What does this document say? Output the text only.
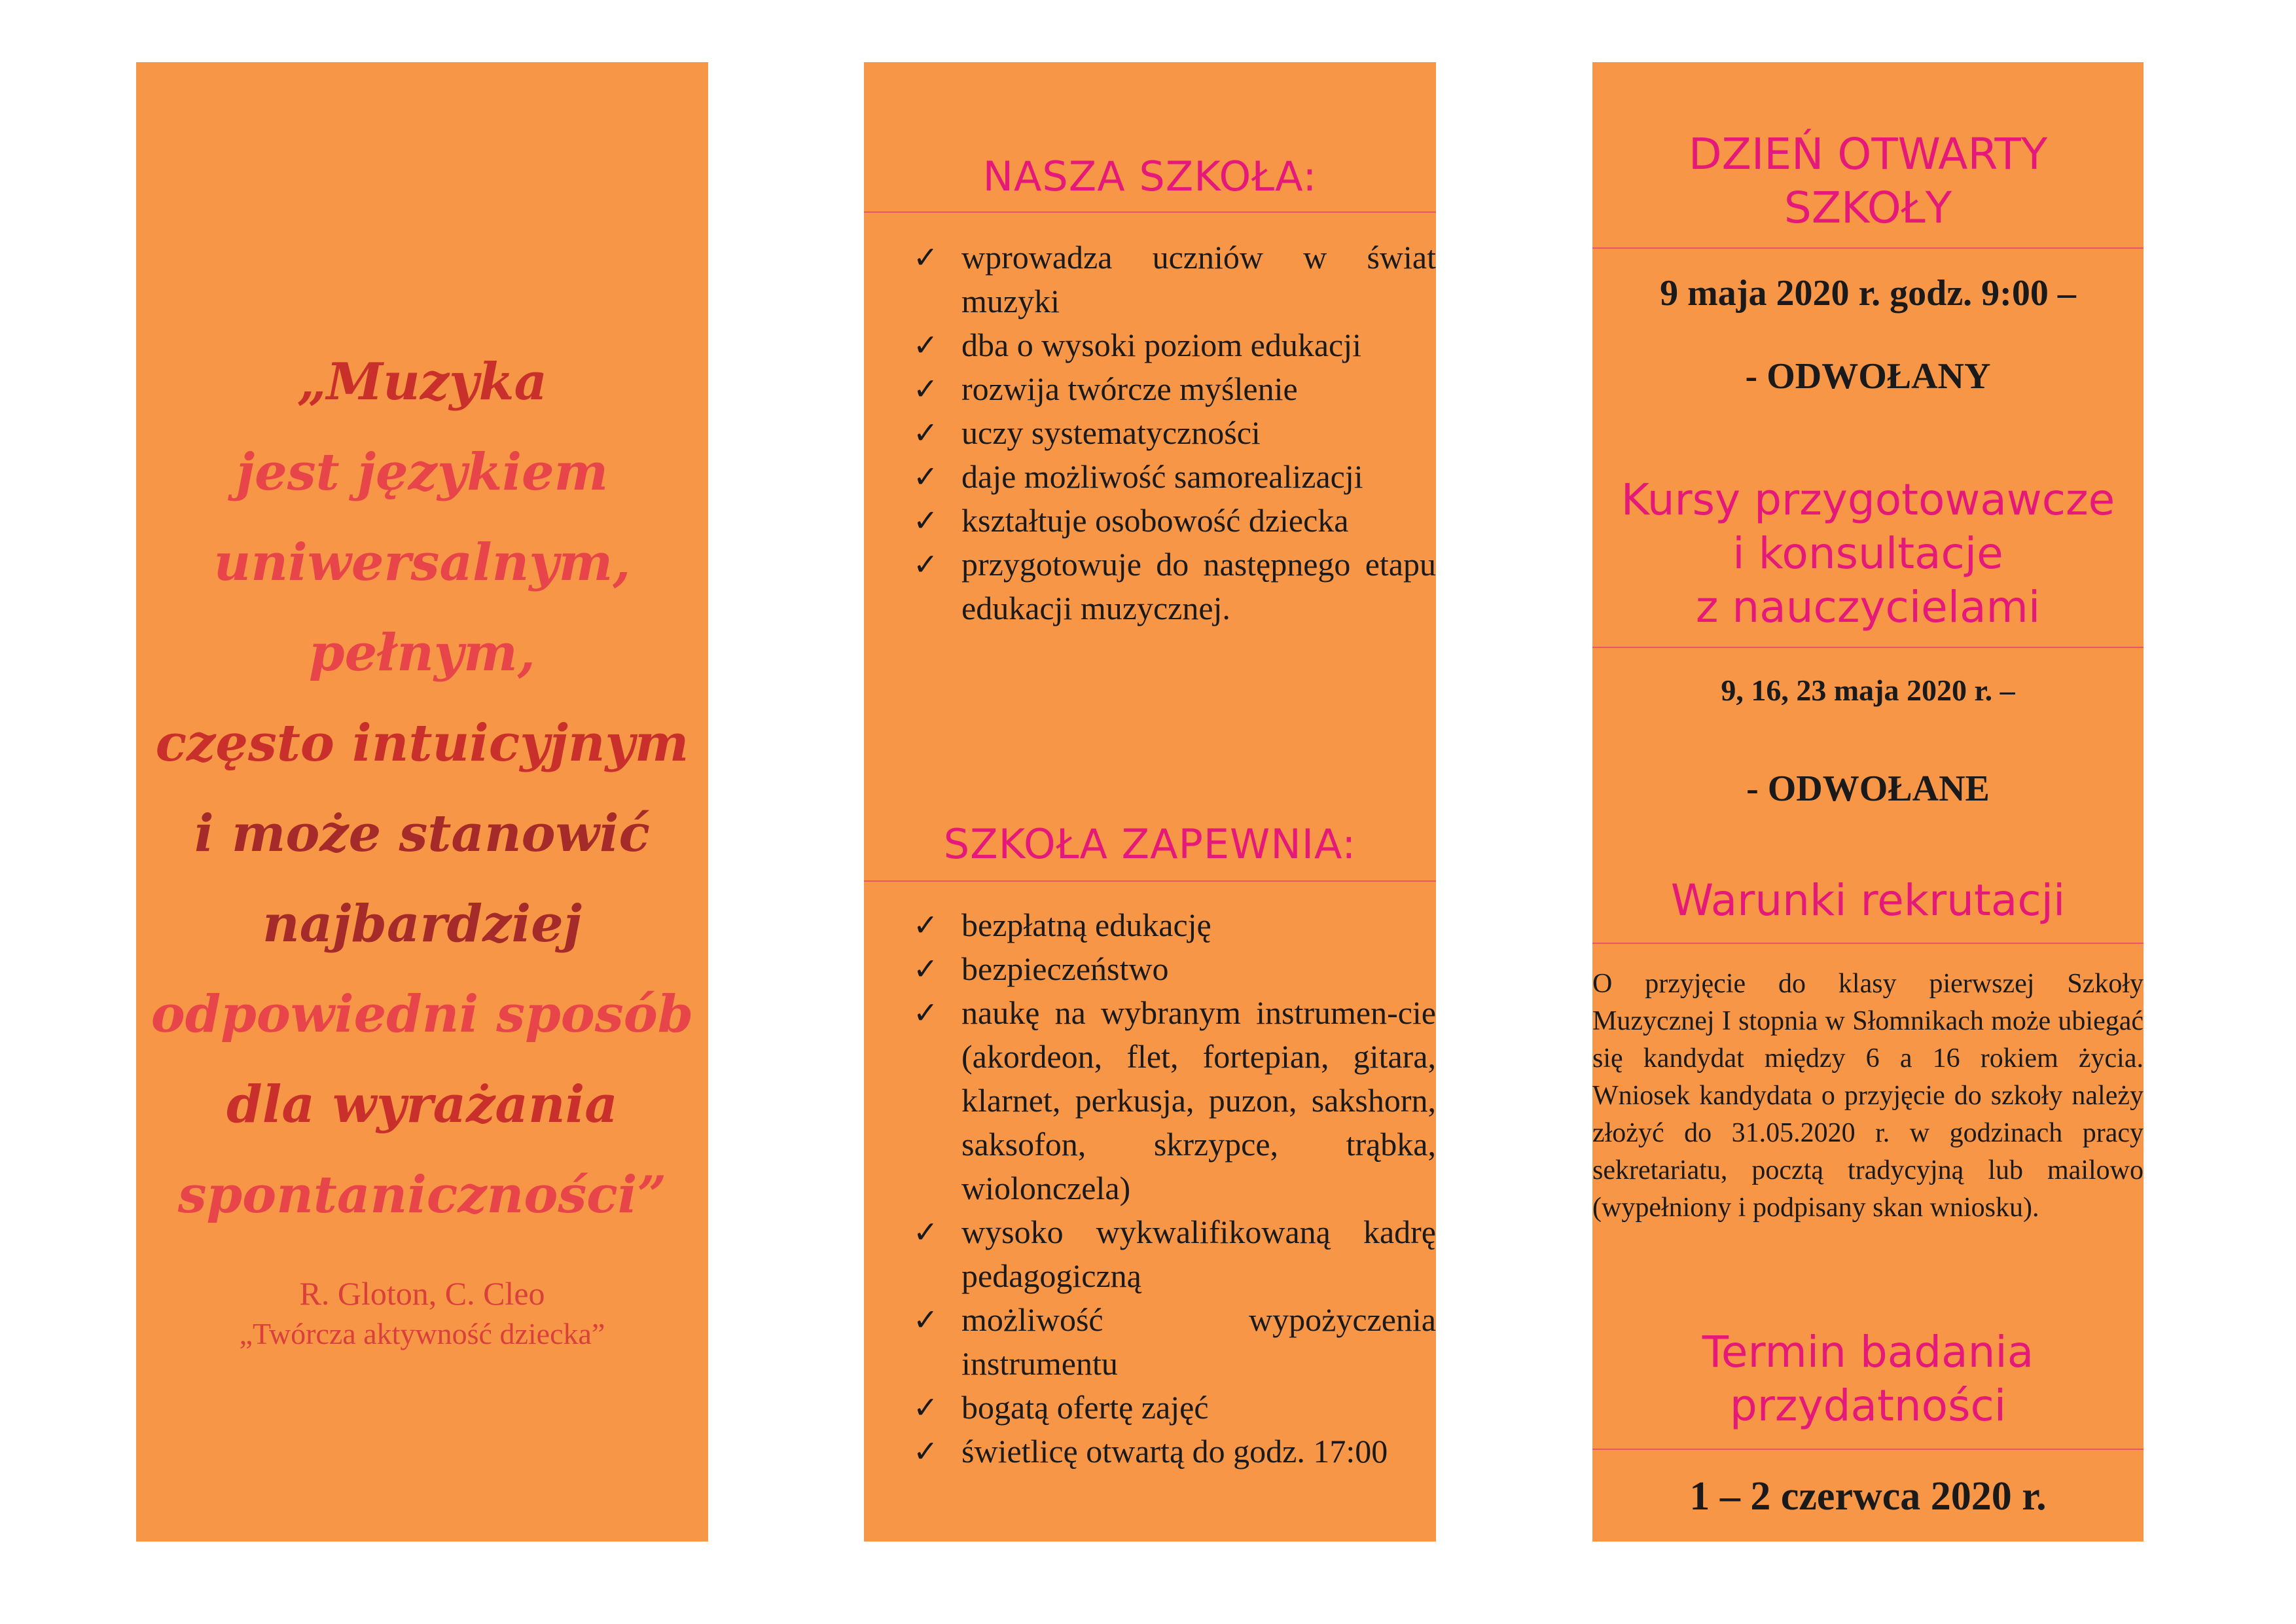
„Muzyka
jest językiem
uniwersalnym,
pełnym,
często intuicyjnym
i może stanowić
najbardziej
odpowiedni sposób
dla wyrażania
spontaniczności”
R. Gloton, C. Cleo
„Twórcza aktywność dziecka”
NASZA SZKOŁA:
✓ wprowadza uczniów w świat muzyki
✓ dba o wysoki poziom edukacji
✓ rozwija twórcze myślenie
✓ uczy systematyczności
✓ daje możliwość samorealizacji
✓ kształtuje osobowość dziecka
✓ przygotowuje do następnego etapu edukacji muzycznej.
SZKOŁA ZAPEWNIA:
✓ bezpłatną edukację
✓ bezpieczeństwo
✓ naukę na wybranym instrumen-cie (akordeon, flet, fortepian, gitara, klarnet, perkusja, puzon, sakshorn, saksofon, skrzypce, trąbka, wiolonczela)
✓ wysoko wykwalifikowaną kadrę pedagogiczną
✓ możliwość wypożyczenia instrumentu
✓ bogatą ofertę zajęć
✓ świetlicę otwartą do godz. 17:00
DZIEŃ OTWARTY
SZKOŁY
9 maja 2020 r. godz. 9:00 –
- ODWOŁANY
Kursy przygotowawcze
i konsultacje
z nauczycielami
9, 16, 23 maja 2020 r. –
- ODWOŁANE
Warunki rekrutacji
O przyjęcie do klasy pierwszej Szkoły Muzycznej I stopnia w Słomnikach może ubiegać się kandydat między 6 a 16 rokiem życia. Wniosek kandydata o przyjęcie do szkoły należy złożyć do 31.05.2020 r. w godzinach pracy sekretariatu, pocztą tradycyjną lub mailowo (wypełniony i podpisany skan wniosku).
Termin badania
przydatności
1 – 2 czerwca 2020 r.
